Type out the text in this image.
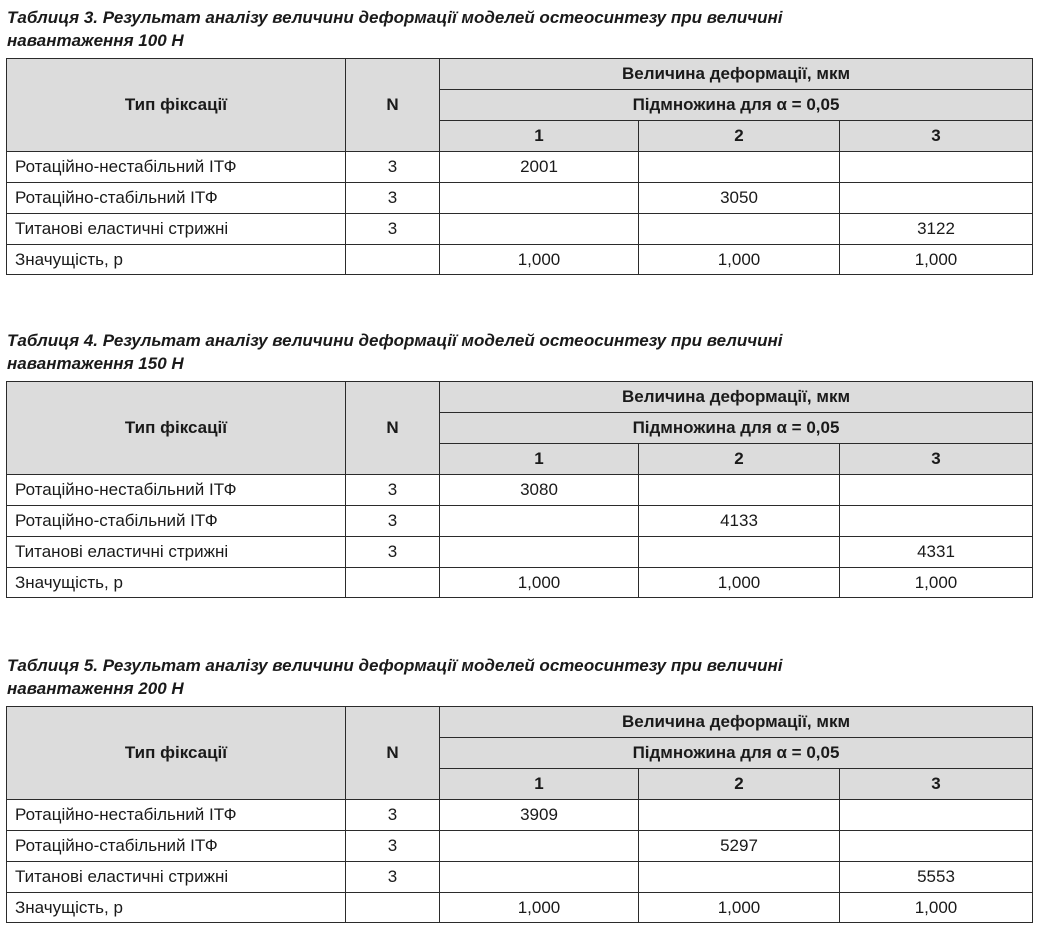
Таблиця 3. Результат аналізу величини деформації моделей остеосинтезу при величині
навантаження 100 Н

Тип фіксації	N	Величина деформації, мкм		
		Підмножина для α = 0,05		
		1	2	3
Ротаційно-нестабільний ІТФ	3	2001		
Ротаційно-стабільний ІТФ	3		3050	
Титанові еластичні стрижні	3			3122
Значущість, p		1,000	1,000	1,000

Таблиця 4. Результат аналізу величини деформації моделей остеосинтезу при величині
навантаження 150 Н

Тип фіксації	N	Величина деформації, мкм		
		Підмножина для α = 0,05		
		1	2	3
Ротаційно-нестабільний ІТФ	3	3080		
Ротаційно-стабільний ІТФ	3		4133	
Титанові еластичні стрижні	3			4331
Значущість, p		1,000	1,000	1,000

Таблиця 5. Результат аналізу величини деформації моделей остеосинтезу при величині
навантаження 200 Н

Тип фіксації	N	Величина деформації, мкм		
		Підмножина для α = 0,05		
		1	2	3
Ротаційно-нестабільний ІТФ	3	3909		
Ротаційно-стабільний ІТФ	3		5297	
Титанові еластичні стрижні	3			5553
Значущість, p		1,000	1,000	1,000
